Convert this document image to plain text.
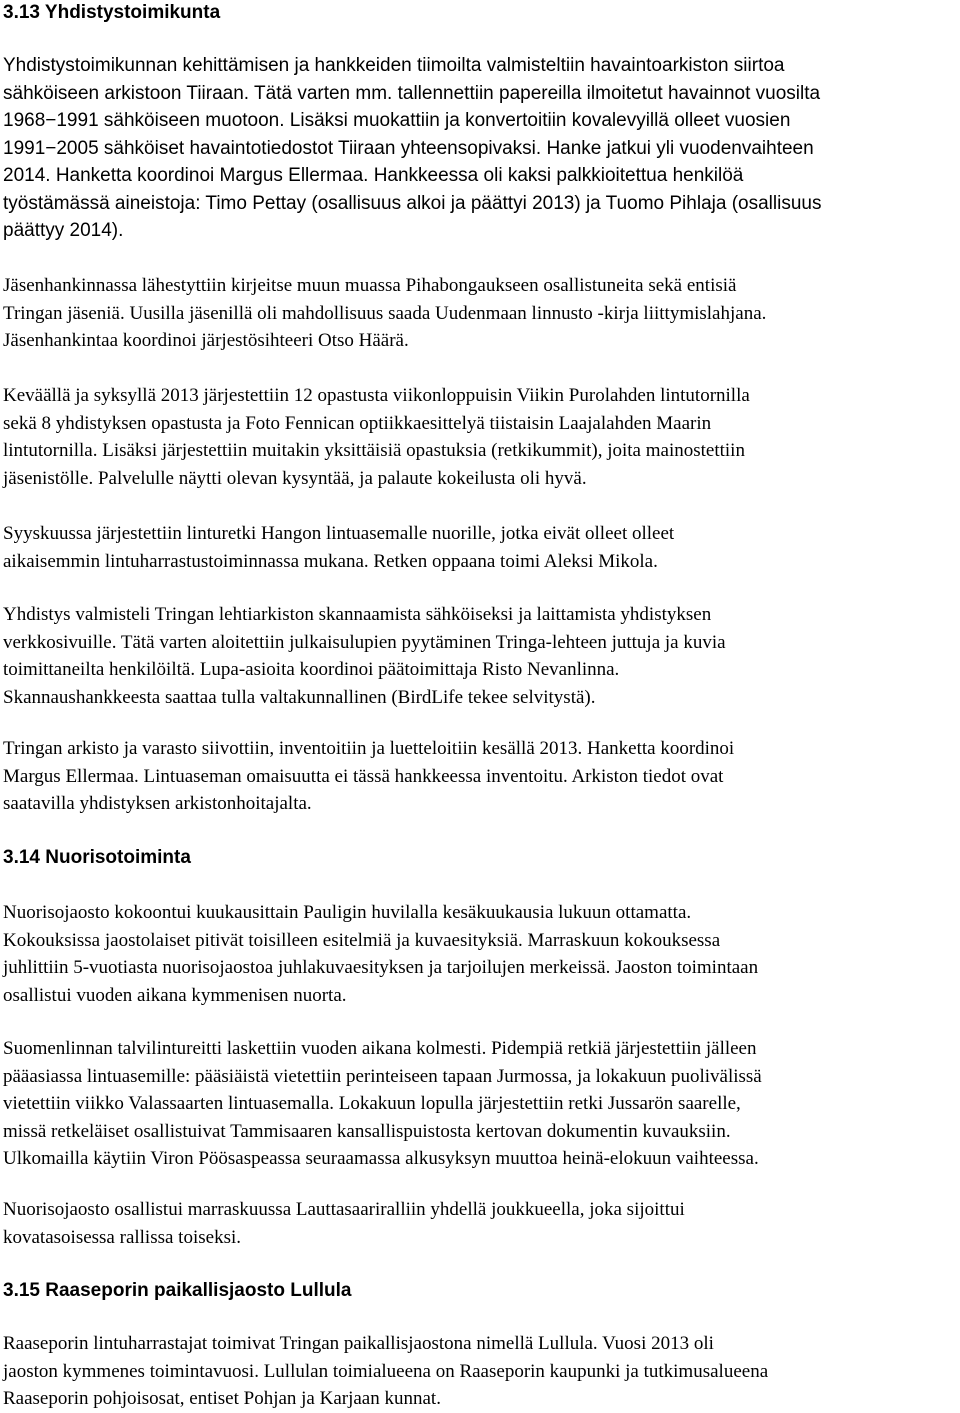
3.13 Yhdistystoimikunta
Yhdistystoimikunnan kehittämisen ja hankkeiden tiimoilta valmisteltiin havaintoarkiston siirtoa
sähköiseen arkistoon Tiiraan. Tätä varten mm. tallennettiin papereilla ilmoitetut havainnot vuosilta
1968−1991 sähköiseen muotoon. Lisäksi muokattiin ja konvertoitiin kovalevyillä olleet vuosien
1991−2005 sähköiset havaintotiedostot Tiiraan yhteensopivaksi. Hanke jatkui yli vuodenvaihteen
2014. Hanketta koordinoi Margus Ellermaa. Hankkeessa oli kaksi palkkioitettua henkilöä
työstämässä aineistoja: Timo Pettay (osallisuus alkoi ja päättyi 2013) ja Tuomo Pihlaja (osallisuus
päättyy 2014).
Jäsenhankinnassa lähestyttiin kirjeitse muun muassa Pihabongaukseen osallistuneita sekä entisiä
Tringan jäseniä. Uusilla jäsenillä oli mahdollisuus saada Uudenmaan linnusto -kirja liittymislahjana.
Jäsenhankintaa koordinoi järjestösihteeri Otso Häärä.
Keväällä ja syksyllä 2013 järjestettiin 12 opastusta viikonloppuisin Viikin Purolahden lintutornilla
sekä 8 yhdistyksen opastusta ja Foto Fennican optiikkaesittelyä tiistaisin Laajalahden Maarin
lintutornilla. Lisäksi järjestettiin muitakin yksittäisiä opastuksia (retkikummit), joita mainostettiin
jäsenistölle. Palvelulle näytti olevan kysyntää, ja palaute kokeilusta oli hyvä.
Syyskuussa järjestettiin linturetki Hangon lintuasemalle nuorille, jotka eivät olleet olleet
aikaisemmin lintuharrastustoiminnassa mukana. Retken oppaana toimi Aleksi Mikola.
Yhdistys valmisteli Tringan lehtiarkiston skannaamista sähköiseksi ja laittamista yhdistyksen
verkkosivuille. Tätä varten aloitettiin julkaisulupien pyytäminen Tringa-lehteen juttuja ja kuvia
toimittaneilta henkilöiltä. Lupa-asioita koordinoi päätoimittaja Risto Nevanlinna.
Skannaushankkeesta saattaa tulla valtakunnallinen (BirdLife tekee selvitystä).
Tringan arkisto ja varasto siivottiin, inventoitiin ja luetteloitiin kesällä 2013. Hanketta koordinoi
Margus Ellermaa. Lintuaseman omaisuutta ei tässä hankkeessa inventoitu. Arkiston tiedot ovat
saatavilla yhdistyksen arkistonhoitajalta.
3.14 Nuorisotoiminta
Nuorisojaosto kokoontui kuukausittain Pauligin huvilalla kesäkuukausia lukuun ottamatta.
Kokouksissa jaostolaiset pitivät toisilleen esitelmiä ja kuvaesityksiä. Marraskuun kokouksessa
juhlittiin 5-vuotiasta nuorisojaostoa juhlakuvaesityksen ja tarjoilujen merkeissä. Jaoston toimintaan
osallistui vuoden aikana kymmenisen nuorta.
Suomenlinnan talvilintureitti laskettiin vuoden aikana kolmesti. Pidempiä retkiä järjestettiin jälleen
pääasiassa lintuasemille: pääsiäistä vietettiin perinteiseen tapaan Jurmossa, ja lokakuun puolivälissä
vietettiin viikko Valassaarten lintuasemalla. Lokakuun lopulla järjestettiin retki Jussarön saarelle,
missä retkeläiset osallistuivat Tammisaaren kansallispuistosta kertovan dokumentin kuvauksiin.
Ulkomailla käytiin Viron Pöösaspeassa seuraamassa alkusyksyn muuttoa heinä-elokuun vaihteessa.
Nuorisojaosto osallistui marraskuussa Lauttasaariralliin yhdellä joukkueella, joka sijoittui
kovatasoisessa rallissa toiseksi.
3.15 Raaseporin paikallisjaosto Lullula
Raaseporin lintuharrastajat toimivat Tringan paikallisjaostona nimellä Lullula. Vuosi 2013 oli
jaoston kymmenes toimintavuosi. Lullulan toimialueena on Raaseporin kaupunki ja tutkimusalueena
Raaseporin pohjoisosat, entiset Pohjan ja Karjaan kunnat.
